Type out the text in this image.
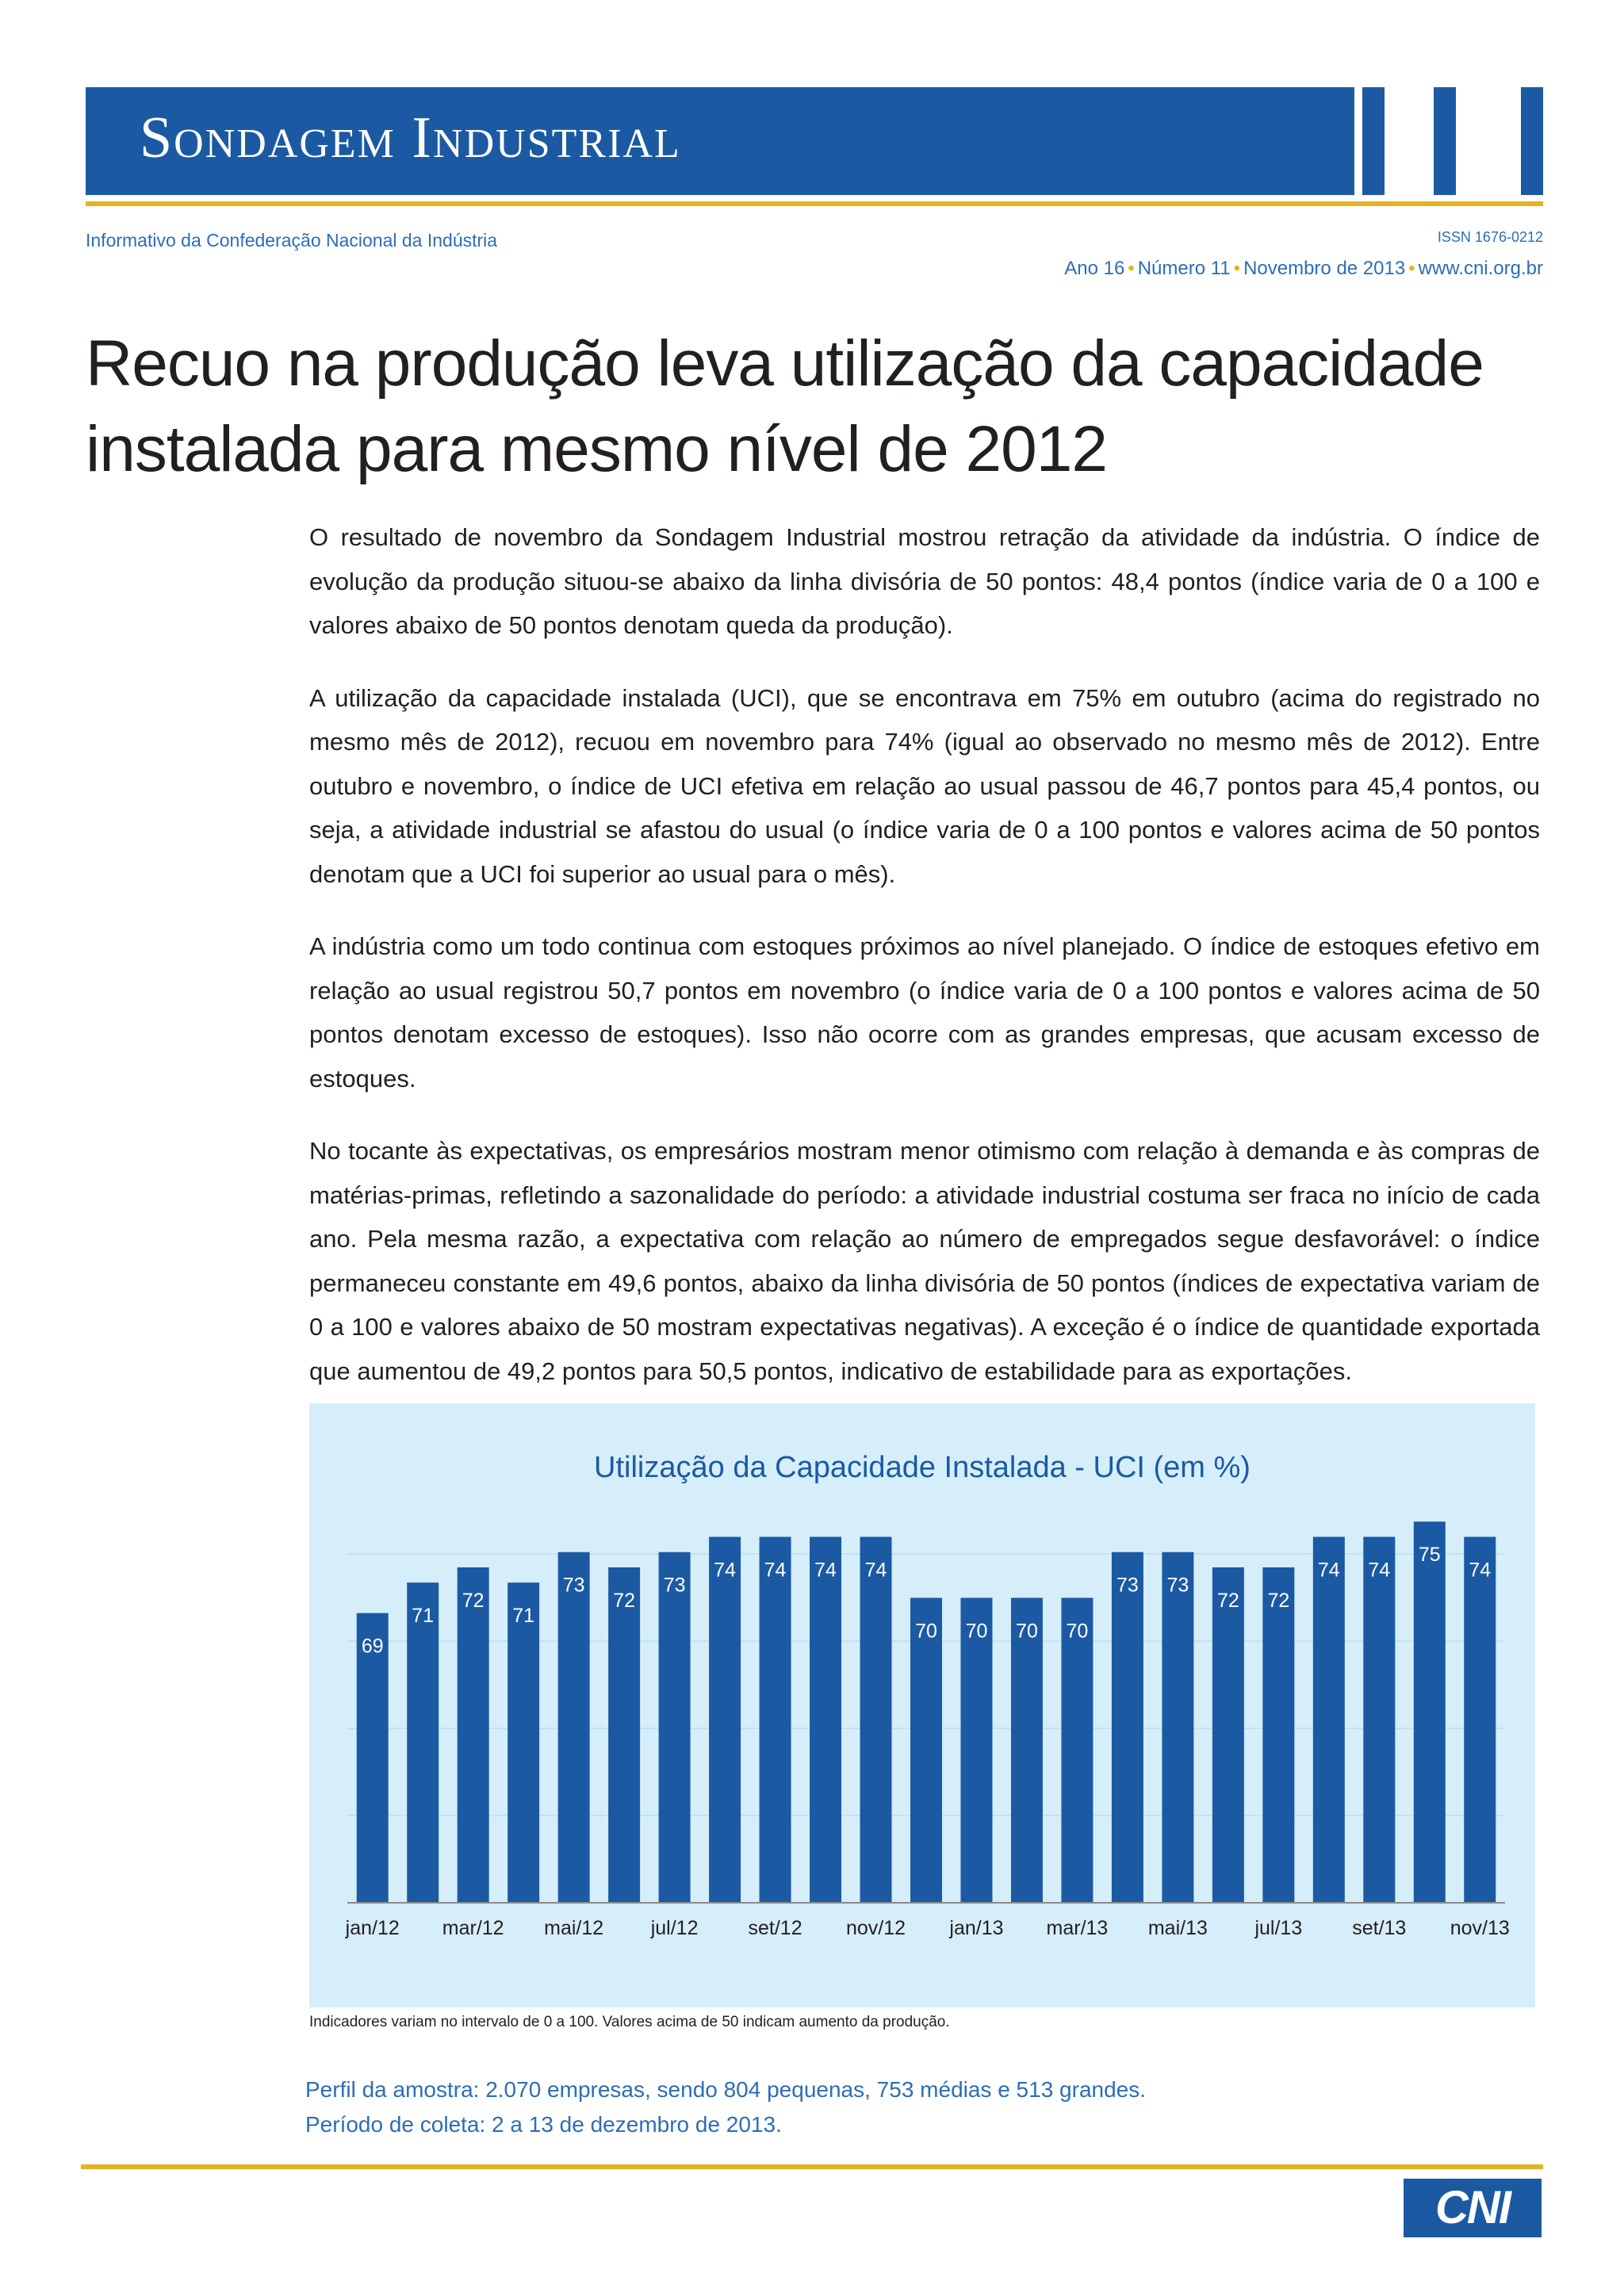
Sondagem Industrial
Informativo da Confederação Nacional da Indústria	ISSN 1676-0212
Ano 16 • Número 11 • Novembro de 2013 • www.cni.org.br
Recuo na produção leva utilização da capacidade instalada para mesmo nível de 2012

O resultado de novembro da Sondagem Industrial mostrou retração da atividade da indústria. O índice de evolução da produção situou-se abaixo da linha divisória de 50 pontos: 48,4 pontos (índice varia de 0 a 100 e valores abaixo de 50 pontos denotam queda da produção).

A utilização da capacidade instalada (UCI), que se encontrava em 75% em outubro (acima do registrado no mesmo mês de 2012), recuou em novembro para 74% (igual ao observado no mesmo mês de 2012). Entre outubro e novembro, o índice de UCI efetiva em relação ao usual passou de 46,7 pontos para 45,4 pontos, ou seja, a atividade industrial se afastou do usual (o índice varia de 0 a 100 pontos e valores acima de 50 pontos denotam que a UCI foi superior ao usual para o mês).

A indústria como um todo continua com estoques próximos ao nível planejado. O índice de estoques efetivo em relação ao usual registrou 50,7 pontos em novembro (o índice varia de 0 a 100 pontos e valores acima de 50 pontos denotam excesso de estoques). Isso não ocorre com as grandes empresas, que acusam excesso de estoques.

No tocante às expectativas, os empresários mostram menor otimismo com relação à demanda e às compras de matérias-primas, refletindo a sazonalidade do período: a atividade industrial costuma ser fraca no início de cada ano. Pela mesma razão, a expectativa com relação ao número de empregados segue desfavorável: o índice permaneceu constante em 49,6 pontos, abaixo da linha divisória de 50 pontos (índices de expectativa variam de 0 a 100 e valores abaixo de 50 mostram expectativas negativas). A exceção é o índice de quantidade exportada que aumentou de 49,2 pontos para 50,5 pontos, indicativo de estabilidade para as exportações.

Utilização da Capacidade Instalada - UCI (em %)
69
71
72
71
73
72
73
74 74 74 74
70 70 70 70
73 73
72 72
74 74
75
74
jan/12 mar/12 mai/12 jul/12	set/12 nov/12 jan/13 mar/13 mai/13 jul/13	set/13 nov/13
Indicadores variam no intervalo de 0 a 100. Valores acima de 50 indicam aumento da produção.
Perfil da amostra: 2.070 empresas, sendo 804 pequenas, 753 médias e 513 grandes.
Período de coleta: 2 a 13 de dezembro de 2013.
CNI
